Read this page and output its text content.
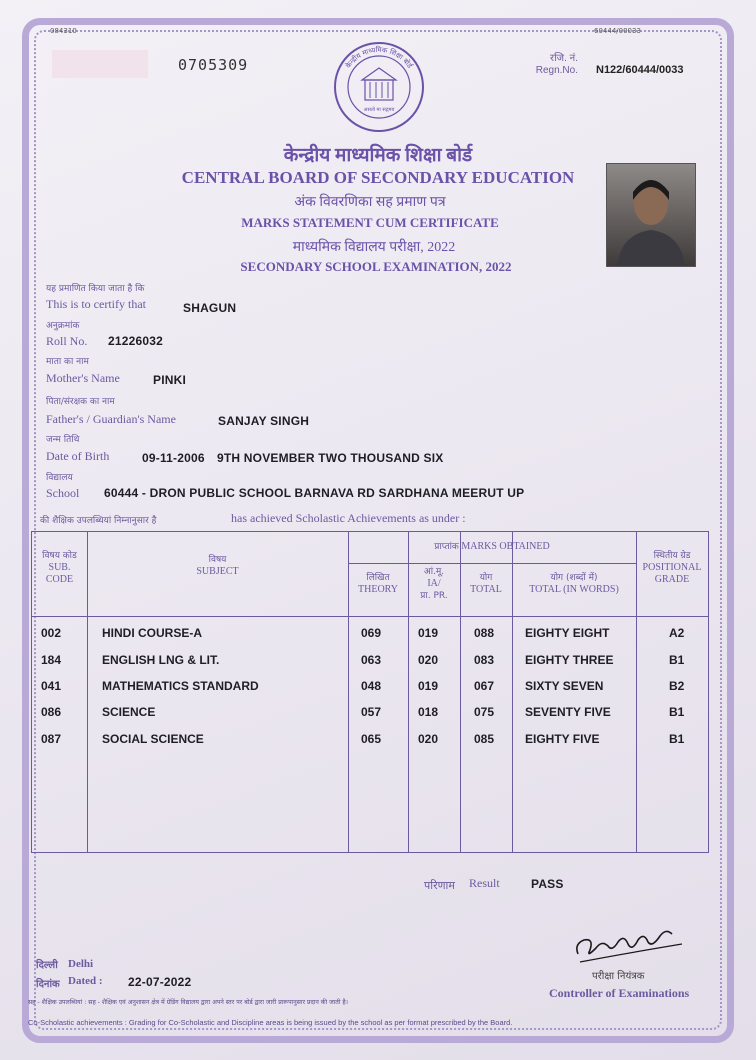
084310	60444/00033
0705309	केन्द्रीय माध्यमिक शिक्षा बोर्ड
असतो मा सद्गमय
रजि. नं.
Regn.No. N122/60444/0033
केन्द्रीय माध्यमिक शिक्षा बोर्ड
CENTRAL BOARD OF SECONDARY EDUCATION
अंक विवरणिका सह प्रमाण पत्र
MARKS STATEMENT CUM CERTIFICATE
माध्यमिक विद्यालय परीक्षा, 2022
SECONDARY SCHOOL EXAMINATION, 2022
यह प्रमाणित किया जाता है कि
This is to certify that	SHAGUN
अनुक्रमांक
Roll No. 21226032
माता का नाम
Mother's Name	PINKI
पिता/संरक्षक का नाम
Father's / Guardian's Name	SANJAY SINGH
जन्म तिथि
Date of Birth	09-11-2006 9TH NOVEMBER TWO THOUSAND SIX
विद्यालय
School 60444 - DRON PUBLIC SCHOOL BARNAVA RD SARDHANA MEERUT UP
की शैक्षिक उपलब्धियां निम्नानुसार है	has achieved Scholastic Achievements as under :
विषय कोड
SUB. CODE
विषय
SUBJECT
प्राप्तांक MARKS OBTAINED
लिखित
THEORY
आं.मू.
IA/
प्रा. PR.
योग
TOTAL
योग (शब्दों में)
TOTAL (IN WORDS)
स्थितीय ग्रेड
POSITIONAL GRADE
002	HINDI COURSE-A	069	019	088	EIGHTY EIGHT	A2
184	ENGLISH LNG & LIT.	063	020	083	EIGHTY THREE	B1
041	MATHEMATICS STANDARD	048	019	067	SIXTY SEVEN	B2
086	SCIENCE	057	018	075	SEVENTY FIVE	B1
087	SOCIAL SCIENCE	065	020	085	EIGHTY FIVE	B1
परिणाम Result	PASS
दिल्ली Delhi
दिनांक Dated : 22-07-2022	परीक्षा नियंत्रक
Controller of Examinations
सह - शैक्षिक उपलब्धियां : सह - शैक्षिक एवं अनुशासन क्षेत्र में ग्रेडिंग विद्यालय द्वारा अपने स्तर पर बोर्ड द्वारा जारी प्रारूपानुसार प्रदान की जाती है।
Co-Scholastic achievements : Grading for Co-Scholastic and Discipline areas is being issued by the school as per format prescribed by the Board.
